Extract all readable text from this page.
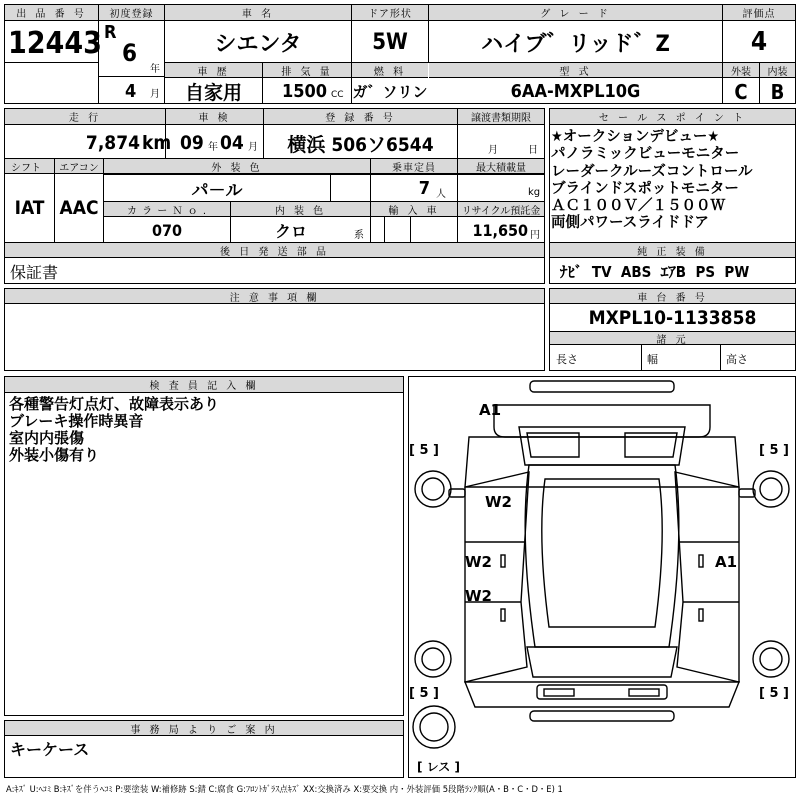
出 品 番 号
12443
初度登録
R
6
年
4	月
車 名
シエンタ
ドア形状
5W
グ レ ー ド
ハイブ゛リッド゛Z
評価点
4
車 歴
自家用
排 気 量
1500 CC
燃 料
ガ゛ソリン
型 式
6AA-MXPL10G
外装	内装
C	B
走 行
7,874 km
車 検
09 年 04 月
登 録 番 号
横浜 506ソ6544
譲渡書類期限
月	日
シフト	エアコン
IAT AAC
外 装 色
パ－ル
乗車定員
7 人
最大積載量
kg
カ ラ ー Ｎ ｏ .
070
内 装 色
クロ	系
輸 入 車	リサイクル預託金
11,650 円
後 日 発 送 部 品
保証書
セ ー ル ス ポ イ ン ト
★オークションデビュー★
パノラミックビューモニター
レーダークルーズコントロール
ブラインドスポットモニター
ＡＣ１００Ｖ／１５００Ｗ
両側パワースライドドア
純 正 装 備
ﾅﾋﾞ  TV  ABS  ｴｱB  PS  PW
注 意 事 項 欄	車 台 番 号
MXPL10-1133858
諸 元
長さ	幅	高さ
検 査 員 記 入 欄
各種警告灯点灯、故障表示あり
ブレーキ操作時異音
室内内張傷
外装小傷有り
事 務 局 よ り ご 案 内
キーケース
A1
W2
W2
W2
A1
[ 5 ]	[ 5 ]
[ 5 ]	[ 5 ]
[ レス ]
A:ｷｽﾞ U:ﾍｺﾐ B:ｷｽﾞを伴うﾍｺﾐ P:要塗装 W:補修跡 S:錆 C:腐食 G:ﾌﾛﾝﾄｶﾞﾗｽ点ｷｽﾞ XX:交換済み X:要交換 内・外装評価 5段階ﾗﾝｸ順(A・B・C・D・E) 1
